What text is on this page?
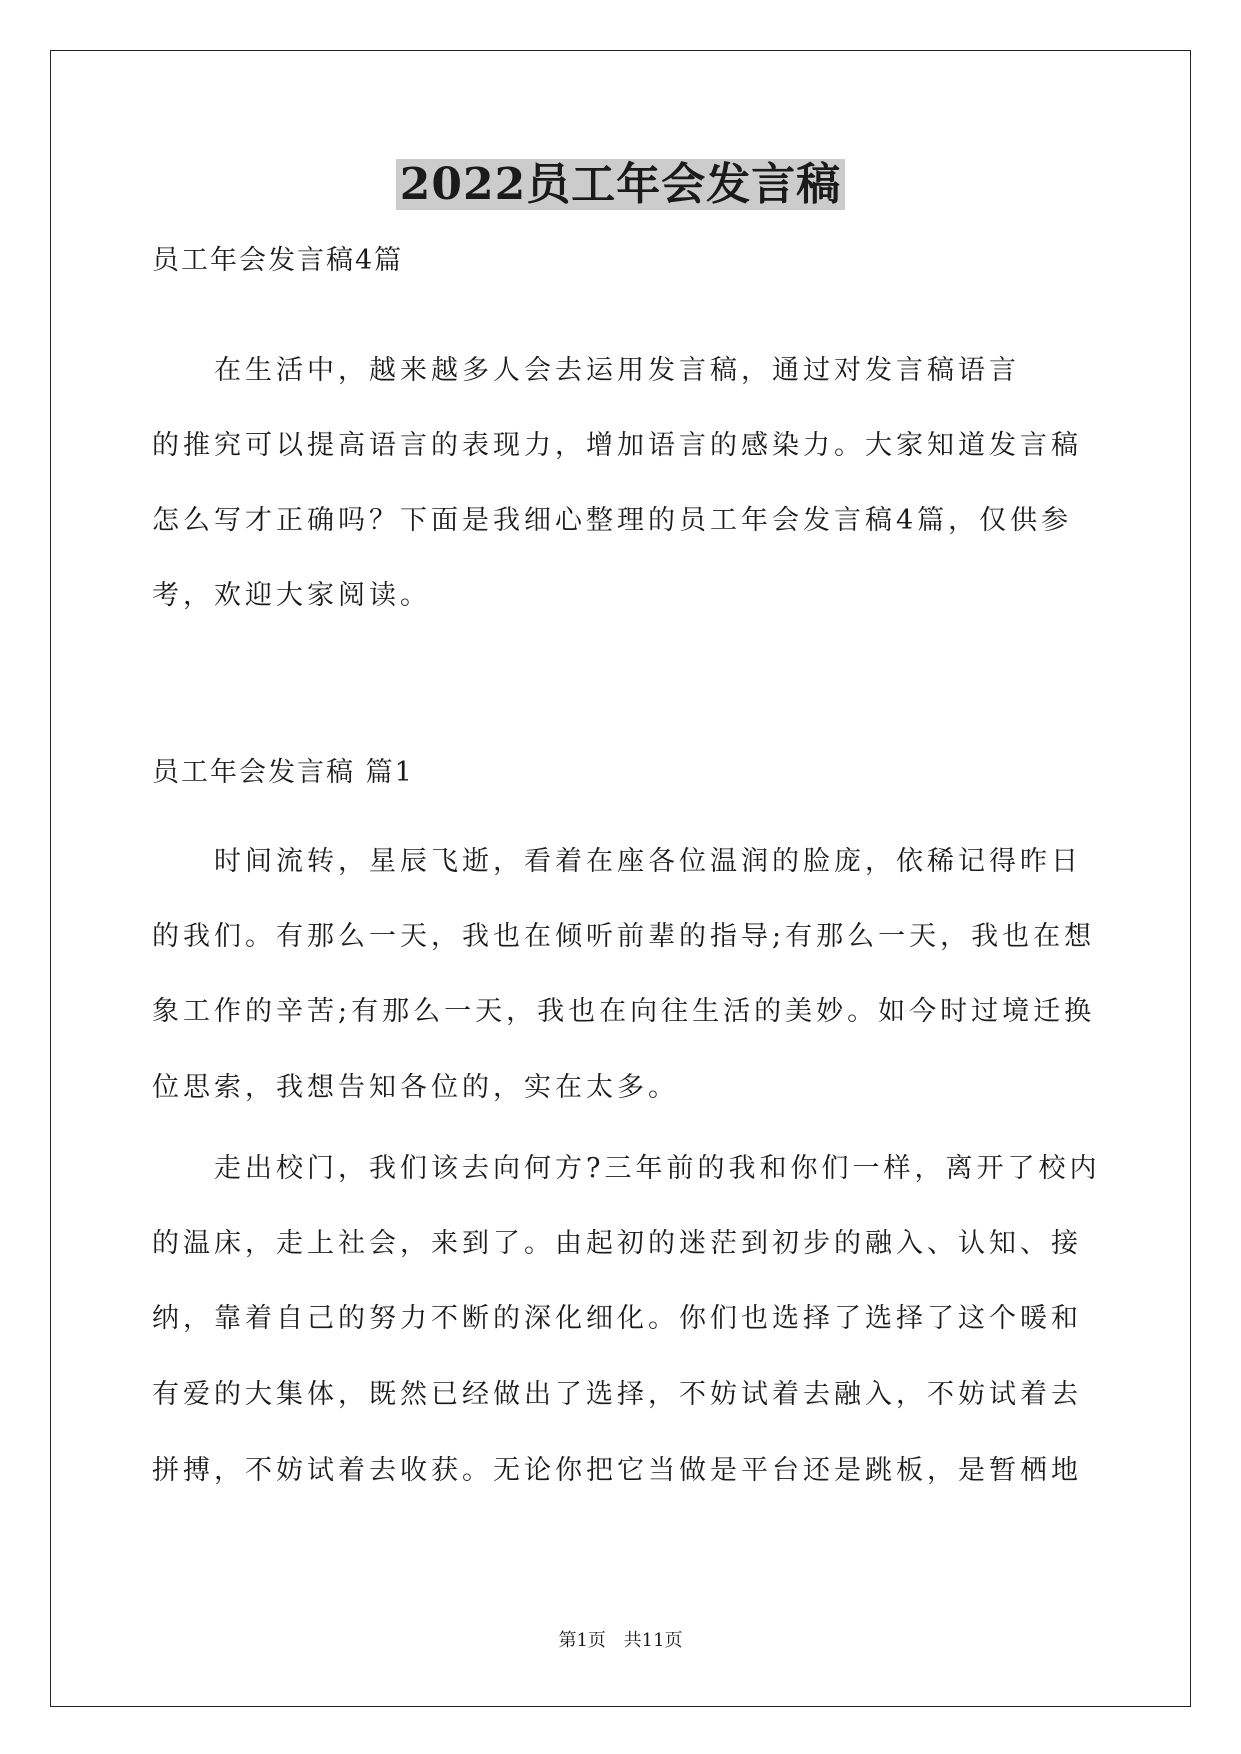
2022员工年会发言稿
员工年会发言稿4篇
　　在生活中，越来越多人会去运用发言稿，通过对发言稿语言
的推究可以提高语言的表现力，增加语言的感染力。大家知道发言稿
怎么写才正确吗？下面是我细心整理的员工年会发言稿4篇，仅供参
考，欢迎大家阅读。
员工年会发言稿 篇1
　　时间流转，星辰飞逝，看着在座各位温润的脸庞，依稀记得昨日
的我们。有那么一天，我也在倾听前辈的指导;有那么一天，我也在想
象工作的辛苦;有那么一天，我也在向往生活的美妙。如今时过境迁换
位思索，我想告知各位的，实在太多。
　　走出校门，我们该去向何方?三年前的我和你们一样，离开了校内
的温床，走上社会，来到了。由起初的迷茫到初步的融入、认知、接
纳，靠着自己的努力不断的深化细化。你们也选择了选择了这个暖和
有爱的大集体，既然已经做出了选择，不妨试着去融入，不妨试着去
拼搏，不妨试着去收获。无论你把它当做是平台还是跳板，是暂栖地
第1页 共11页
